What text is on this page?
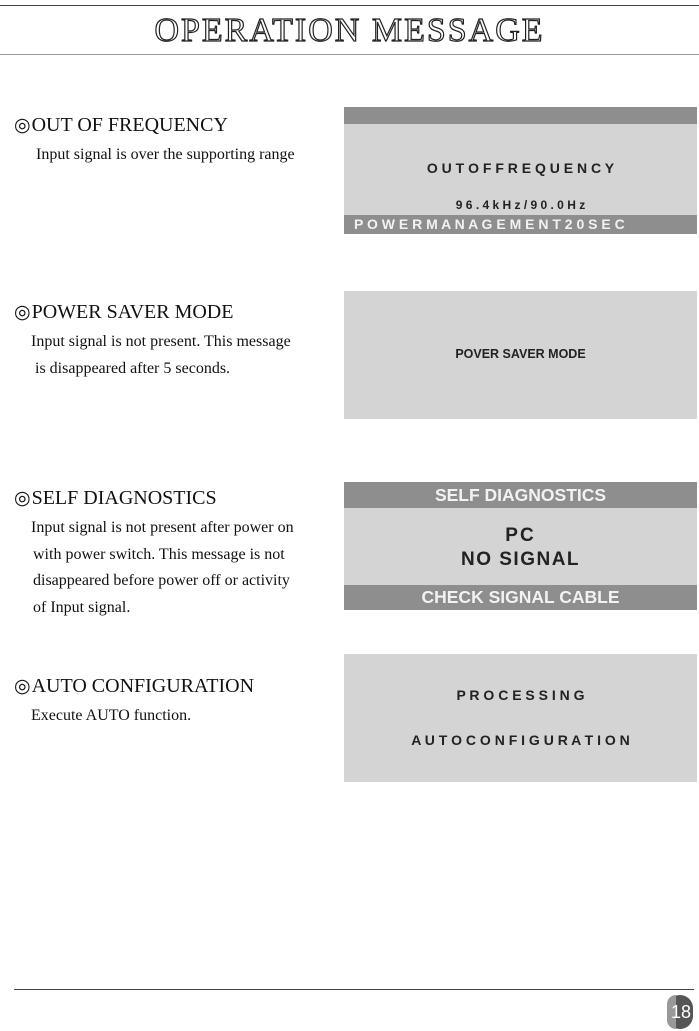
OPERATION MESSAGE
◎OUT OF FREQUENCY
Input signal is over the supporting range
O U T O F F R E Q U E N C Y
9 6 . 4 k H z / 9 0 . 0 H z
P O W E R M A N A G E M E N T 2 0 S E C
◎POWER SAVER MODE
Input signal is not present. This message
is disappeared after 5 seconds.
POVER SAVER MODE
◎SELF DIAGNOSTICS
Input signal is not present after power on
with power switch. This message is not
disappeared before power off or activity
of Input signal.
SELF DIAGNOSTICS
PC
NO SIGNAL
CHECK SIGNAL CABLE
◎AUTO CONFIGURATION
Execute AUTO function.
P R O C E S S I N G
A U T O C O N F I G U R A T I O N
18
